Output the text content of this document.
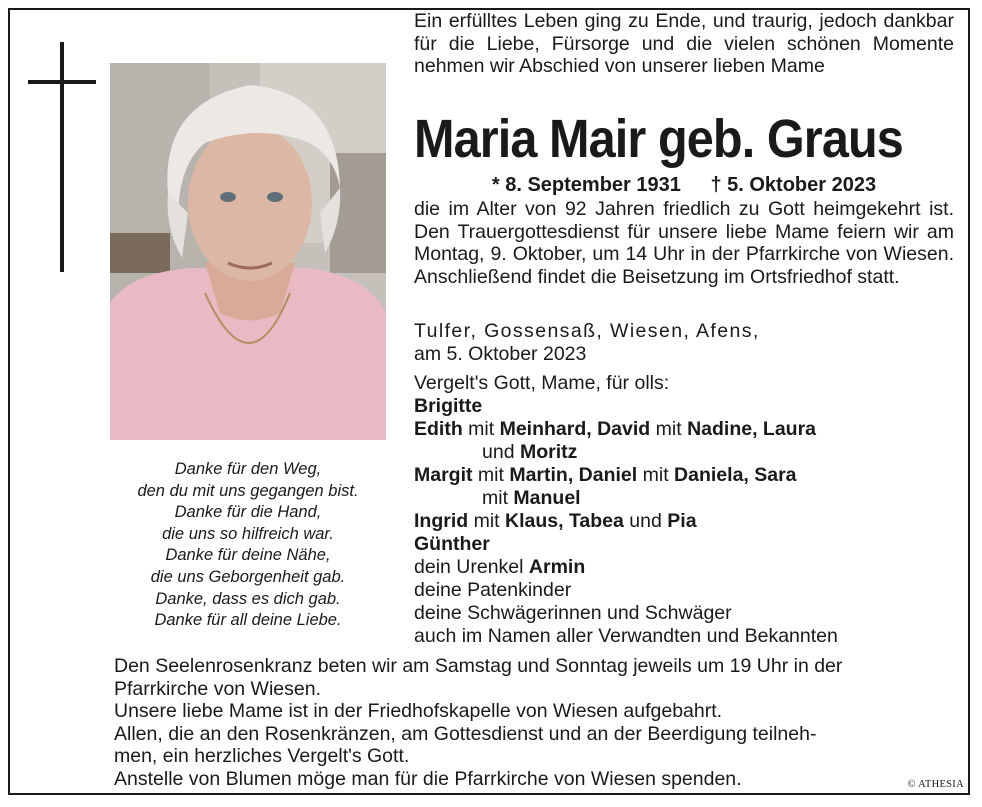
Ein erfülltes Leben ging zu Ende, und traurig, jedoch dankbar für die Liebe, Fürsorge und die vielen schönen Momente nehmen wir Abschied von unserer lieben Mame
Maria Mair geb. Graus
* 8. September 1931 † 5. Oktober 2023
die im Alter von 92 Jahren friedlich zu Gott heimgekehrt ist. Den Trauergottesdienst für unsere liebe Mame feiern wir am Montag, 9. Oktober, um 14 Uhr in der Pfarrkirche von Wiesen. Anschließend findet die Beisetzung im Ortsfriedhof statt.
Tulfer, Gossensaß, Wiesen, Afens,
am 5. Oktober 2023
Vergelt's Gott, Mame, für olls:
Brigitte
Edith mit Meinhard, David mit Nadine, Laura
und Moritz
Margit mit Martin, Daniel mit Daniela, Sara
mit Manuel
Ingrid mit Klaus, Tabea und Pia
Günther
dein Urenkel Armin
deine Patenkinder
deine Schwägerinnen und Schwäger
auch im Namen aller Verwandten und Bekannten
Danke für den Weg,
den du mit uns gegangen bist.
Danke für die Hand,
die uns so hilfreich war.
Danke für deine Nähe,
die uns Geborgenheit gab.
Danke, dass es dich gab.
Danke für all deine Liebe.
Den Seelenrosenkranz beten wir am Samstag und Sonntag jeweils um 19 Uhr in der
Pfarrkirche von Wiesen.
Unsere liebe Mame ist in der Friedhofskapelle von Wiesen aufgebahrt.
Allen, die an den Rosenkränzen, am Gottesdienst und an der Beerdigung teilneh-
men, ein herzliches Vergelt's Gott.
Anstelle von Blumen möge man für die Pfarrkirche von Wiesen spenden.	© ATHESIA
